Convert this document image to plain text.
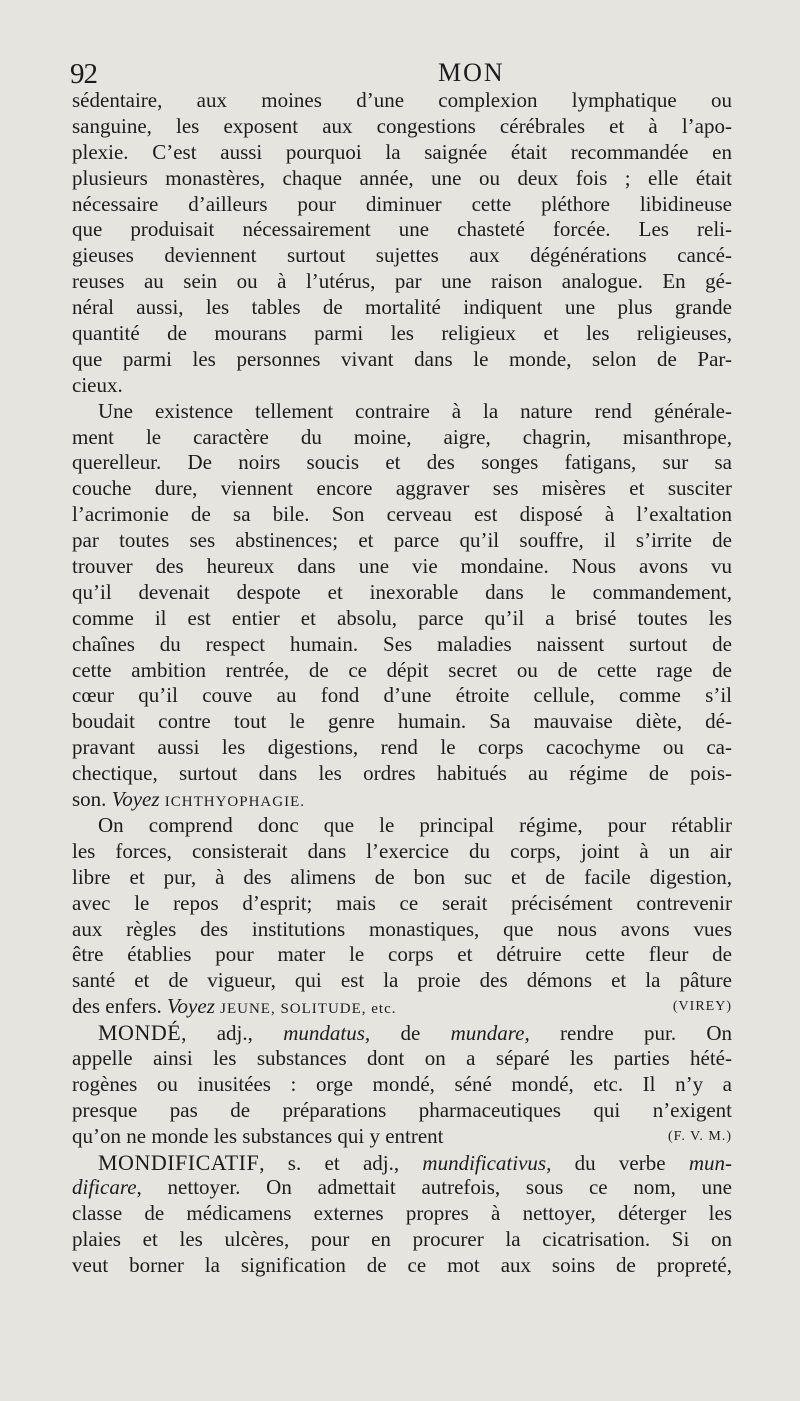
92	MON
sédentaire, aux moines d’une complexion lymphatique ou
sanguine, les exposent aux congestions cérébrales et à l’apo-
plexie. C’est aussi pourquoi la saignée était recommandée en
plusieurs monastères, chaque année, une ou deux fois ; elle était
nécessaire d’ailleurs pour diminuer cette pléthore libidineuse
que produisait nécessairement une chasteté forcée. Les reli-
gieuses deviennent surtout sujettes aux dégénérations cancé-
reuses au sein ou à l’utérus, par une raison analogue. En gé-
néral aussi, les tables de mortalité indiquent une plus grande
quantité de mourans parmi les religieux et les religieuses,
que parmi les personnes vivant dans le monde, selon de Par-
cieux.
Une existence tellement contraire à la nature rend générale-
ment le caractère du moine, aigre, chagrin, misanthrope,
querelleur. De noirs soucis et des songes fatigans, sur sa
couche dure, viennent encore aggraver ses misères et susciter
l’acrimonie de sa bile. Son cerveau est disposé à l’exaltation
par toutes ses abstinences; et parce qu’il souffre, il s’irrite de
trouver des heureux dans une vie mondaine. Nous avons vu
qu’il devenait despote et inexorable dans le commandement,
comme il est entier et absolu, parce qu’il a brisé toutes les
chaînes du respect humain. Ses maladies naissent surtout de
cette ambition rentrée, de ce dépit secret ou de cette rage de
cœur qu’il couve au fond d’une étroite cellule, comme s’il
boudait contre tout le genre humain. Sa mauvaise diète, dé-
pravant aussi les digestions, rend le corps cacochyme ou ca-
chectique, surtout dans les ordres habitués au régime de pois-
son. Voyez ICHTHYOPHAGIE.
On comprend donc que le principal régime, pour rétablir
les forces, consisterait dans l’exercice du corps, joint à un air
libre et pur, à des alimens de bon suc et de facile digestion,
avec le repos d’esprit; mais ce serait précisément contrevenir
aux règles des institutions monastiques, que nous avons vues
être établies pour mater le corps et détruire cette fleur de
santé et de vigueur, qui est la proie des démons et la pâture
des enfers. Voyez JEUNE, SOLITUDE, etc.	(VIREY)
MONDÉ, adj., mundatus, de mundare, rendre pur. On
appelle ainsi les substances dont on a séparé les parties hété-
rogènes ou inusitées : orge mondé, séné mondé, etc. Il n’y a
presque pas de préparations pharmaceutiques qui n’exigent
qu’on ne monde les substances qui y entrent	(F. V. M.)
MONDIFICATIF, s. et adj., mundificativus, du verbe mun-
dificare, nettoyer. On admettait autrefois, sous ce nom, une
classe de médicamens externes propres à nettoyer, déterger les
plaies et les ulcères, pour en procurer la cicatrisation. Si on
veut borner la signification de ce mot aux soins de propreté,
